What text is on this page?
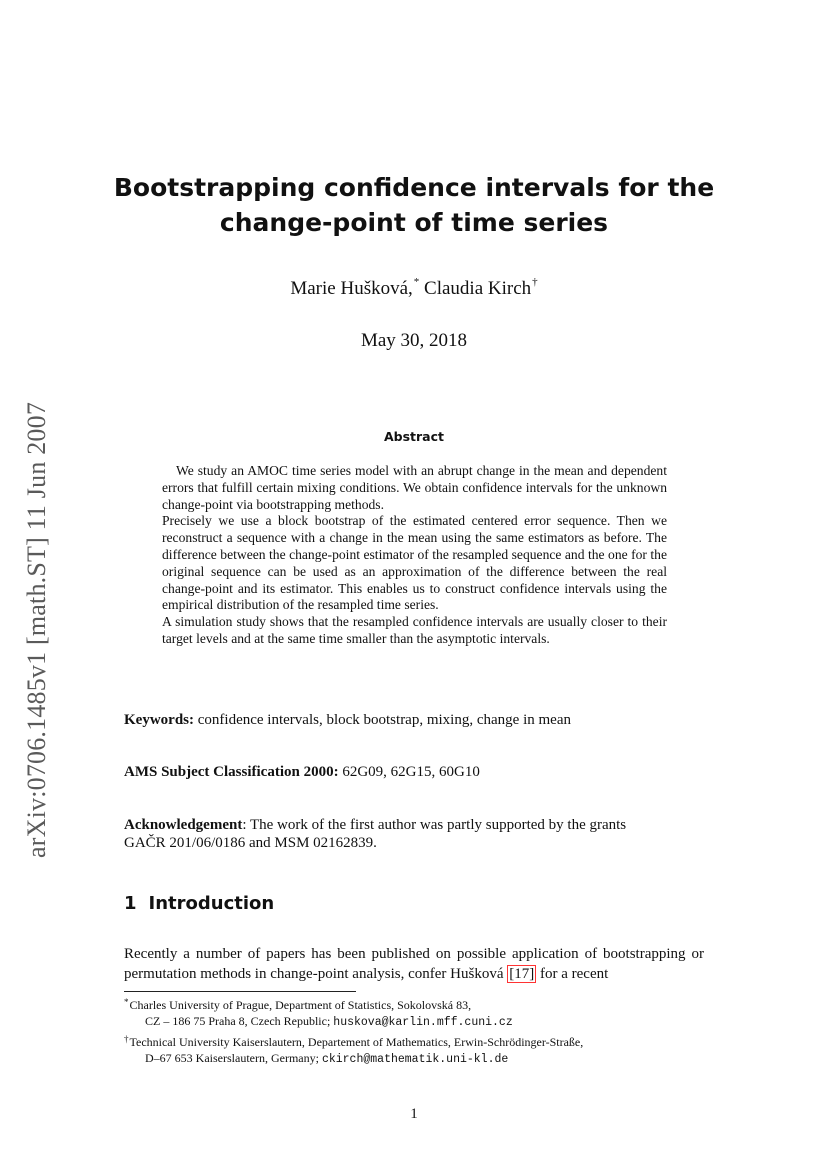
arXiv:0706.1485v1 [math.ST] 11 Jun 2007
Bootstrapping confidence intervals for the
change-point of time series
Marie Hušková,* Claudia Kirch†
May 30, 2018
Abstract

We study an AMOC time series model with an abrupt change in the mean and dependent errors that fulfill certain mixing conditions. We obtain confidence intervals for the unknown change-point via bootstrapping methods.

Precisely we use a block bootstrap of the estimated centered error sequence. Then we reconstruct a sequence with a change in the mean using the same estimators as before. The difference between the change-point estimator of the resampled sequence and the one for the original sequence can be used as an approximation of the difference between the real change-point and its estimator. This enables us to construct confidence intervals using the empirical distribution of the resampled time series.

A simulation study shows that the resampled confidence intervals are usually closer to their target levels and at the same time smaller than the asymptotic intervals.

Keywords: confidence intervals, block bootstrap, mixing, change in mean
AMS Subject Classification 2000: 62G09, 62G15, 60G10
Acknowledgement: The work of the first author was partly supported by the grants
GAČR 201/06/0186 and MSM 02162839.
1 Introduction
Recently a number of papers has been published on possible application of bootstrapping or permutation methods in change-point analysis, confer Hušková [17] for a recent
*Charles University of Prague, Department of Statistics, Sokolovská 83,
CZ – 186 75 Praha 8, Czech Republic; huskova@karlin.mff.cuni.cz
†Technical University Kaiserslautern, Departement of Mathematics, Erwin-Schrödinger-Straße,
D–67 653 Kaiserslautern, Germany; ckirch@mathematik.uni-kl.de
1
